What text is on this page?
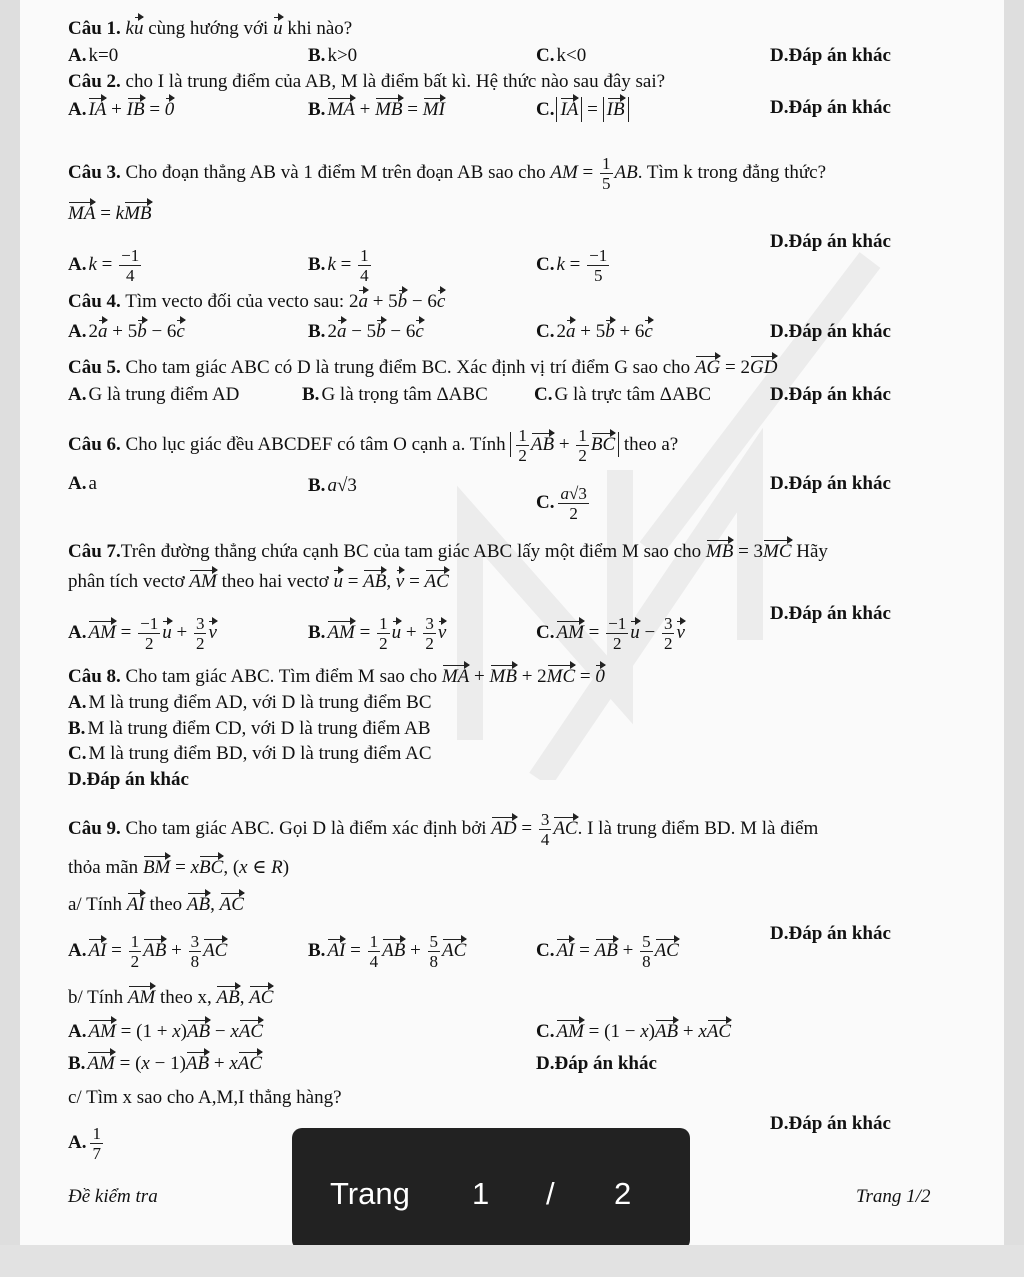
Câu 1. ku cùng hướng với u khi nào?
A. k=0	B. k>0	C. k<0	D.Đáp án khác
Câu 2. cho I là trung điểm của AB, M là điểm bất kì. Hệ thức nào sau đây sai?
A. IA + IB = 0	B. MA + MB = MI	C. IA = IB	D.Đáp án khác
Câu 3. Cho đoạn thẳng AB và 1 điểm M trên đoạn AB sao cho AM = $\frac{1}{5}$ AB. Tìm k trong đẳng thức?
MA = kMB
A. $k = \frac{-1}{4}$	B. $k = \frac{1}{4}$	C. $k = \frac{-1}{5}$
D.Đáp án khác
Câu 4. Tìm vecto đối của vecto sau: 2a + 5b − 6c
A. 2a + 5b − 6c	B. 2a − 5b − 6c	C. 2a + 5b + 6c	D.Đáp án khác
Câu 5. Cho tam giác ABC có D là trung điểm BC. Xác định vị trí điểm G sao cho AG = 2GD
A. G là trung điểm AD	B. G là trọng tâm ΔABC C. G là trực tâm ΔABC	D.Đáp án khác
Câu 6. Cho lục giác đều ABCDEF có tâm O cạnh a. Tính $\frac{1}{2}$ AB + $\frac{1}{2}$ BC theo a?
A. a	B. a√3
C. $\frac{a√3}{2}$
D.Đáp án khác
Câu 7.Trên đường thẳng chứa cạnh BC của tam giác ABC lấy một điểm M sao cho MB = 3MC Hãy
phân tích vectơ AM theo hai vectơ u = AB, v = AC
A. AM = $\frac{-1}{2}$ $u + \frac{3}{2}$ v	B. AM = $\frac{1}{2}$ $u + \frac{3}{2}$ v	C. AM = $\frac{-1}{2}$ $u - \frac{3}{2}$ v
D.Đáp án khác
Câu 8. Cho tam giác ABC. Tìm điểm M sao cho MA + MB + 2MC = 0
A. M là trung điểm AD, với D là trung điểm BC
B. M là trung điểm CD, với D là trung điểm AB
C. M là trung điểm BD, với D là trung điểm AC
D.Đáp án khác
Câu 9. Cho tam giác ABC. Gọi D là điểm xác định bởi AD = $\frac{3}{4}$ AC. I là trung điểm BD. M là điểm
thỏa mãn BM = xBC, (x ∈ R)
a/ Tính AI theo AB, AC
A. AI = $\frac{1}{2}$ AB + $\frac{3}{8}$ AC	B. AI = $\frac{1}{4}$ AB + $\frac{5}{8}$ AC	C. AI = AB + $\frac{5}{8}$ AC
D.Đáp án khác
b/ Tính AM theo x, AB, AC
A. AM = (1 + x)AB − xAC	C. AM = (1 − x)AB + xAC
B. AM = (x − 1)AB + xAC	D.Đáp án khác
c/ Tìm x sao cho A,M,I thẳng hàng?
A. $\frac{1}{7}$
D.Đáp án khác
Đề kiểm tra	Trang 1/2
Trang 1 / 2
